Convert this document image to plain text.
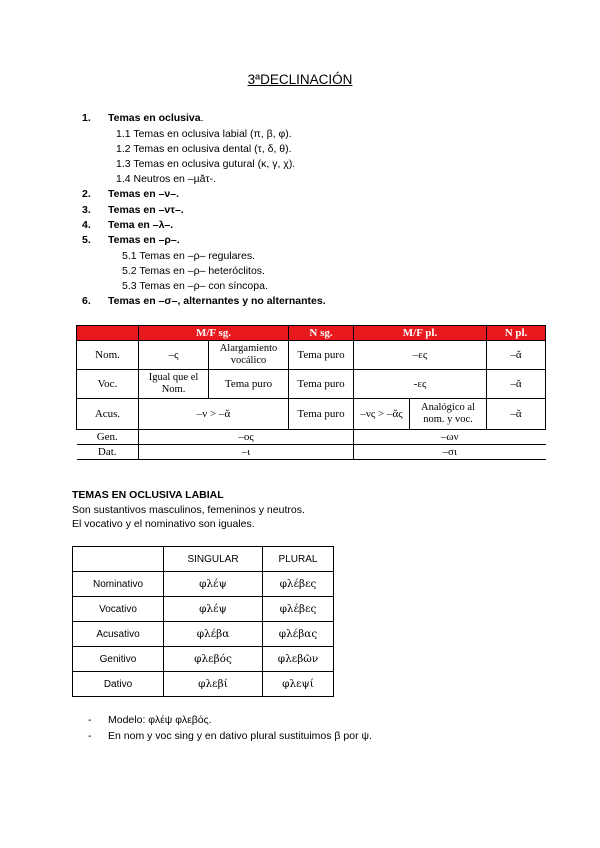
3ªDECLINACIÓN
1. Temas en oclusiva.
1.1 Temas en oclusiva labial (π, β, φ).
1.2 Temas en oclusiva dental (τ, δ, θ).
1.3 Temas en oclusiva gutural (κ, γ, χ).
1.4 Neutros en –µăτ-.
2. Temas en –ν–.
3. Temas en –ντ–.
4. Tema en –λ–.
5. Temas en –ρ–.
5.1 Temas en –ρ– regulares.
5.2 Temas en –ρ– heteróclitos.
5.3 Temas en –ρ– con síncopa.
6. Temas en –σ–, alternantes y no alternantes.
	M/F sg.		N sg.	M/F pl.		N pl.
Nom.	–ς	Alargamiento vocálico	Tema puro	–ες		–ᾰ
Voc.	Igual que el Nom.	Tema puro	Tema puro	-ες		–ᾰ
Acus.	–ν > –ᾰ		Tema puro	–νς > –ᾰς	Analógico al nom. y voc.	–ᾰ
Gen.	–ος			–ων		
Dat.	–ι			–σι		
TEMAS EN OCLUSIVA LABIAL
Son sustantivos masculinos, femeninos y neutros.
El vocativo y el nominativo son iguales.
	SINGULAR	PLURAL
Nominativo	φλέψ	φλέβες
Vocativo	φλέψ	φλέβες
Acusativo	φλέβα	φλέβας
Genitivo	φλεβός	φλεβῶν
Dativo	φλεβί	φλεψί
- Modelo: φλέψ φλεβός.
- En nom y voc sing y en dativo plural sustituimos β por ψ.
